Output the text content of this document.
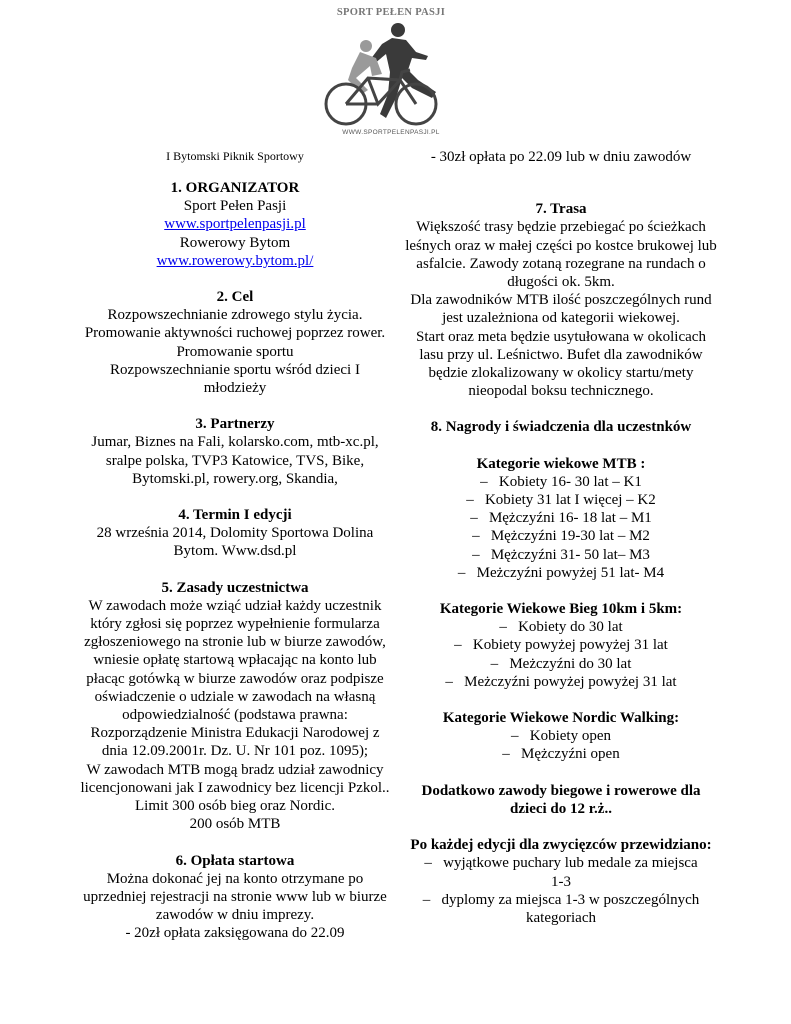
SPORT PEŁEN PASJI
WWW.SPORTPELENPASJI.PL
I Bytomski Piknik Sportowy

1. ORGANIZATOR

Sport Pełen Pasji

www.sportpelenpasji.pl

Rowerowy Bytom

www.rowerowy.bytom.pl/

2. Cel

Rozpowszechnianie zdrowego stylu życia.

Promowanie aktywności ruchowej poprzez rower.

Promowanie sportu

Rozpowszechnianie sportu wśród dzieci I

młodzieży

3. Partnerzy

Jumar, Biznes na Fali, kolarsko.com, mtb-xc.pl,

sralpe polska, TVP3 Katowice, TVS, Bike,

Bytomski.pl, rowery.org, Skandia,

4. Termin I edycji

28 września 2014, Dolomity Sportowa Dolina

Bytom. Www.dsd.pl

5. Zasady uczestnictwa

W zawodach może wziąć udział każdy uczestnik

który zgłosi się poprzez wypełnienie formularza

zgłoszeniowego na stronie lub w biurze zawodów,

wniesie opłatę startową wpłacając na konto lub

płacąc gotówką w biurze zawodów oraz podpisze

oświadczenie o udziale w zawodach na własną

odpowiedzialność (podstawa prawna:

Rozporządzenie Ministra Edukacji Narodowej z

dnia 12.09.2001r. Dz. U. Nr 101 poz. 1095);

W zawodach MTB mogą bradz udział zawodnicy

licencjonowani jak I zawodnicy bez licencji Pzkol..

Limit 300 osób bieg oraz Nordic.

200 osób MTB

6. Opłata startowa

Można dokonać jej na konto otrzymane po

uprzedniej rejestracji na stronie www lub w biurze

zawodów w dniu imprezy.

- 20zł opłata zaksięgowana do 22.09

- 30zł opłata po 22.09 lub w dniu zawodów

7. Trasa

Większość trasy będzie przebiegać po ścieżkach

leśnych oraz w małej części po kostce brukowej lub

asfalcie. Zawody zotaną rozegrane na rundach o

długości ok. 5km.

Dla zawodników MTB ilość poszczególnych rund

jest uzależniona od kategorii wiekowej.

Start oraz meta będzie usytułowana w okolicach

lasu przy ul. Leśnictwo. Bufet dla zawodników

będzie zlokalizowany w okolicy startu/mety

nieopodal boksu technicznego.

8. Nagrody i świadczenia dla uczestnków

Kategorie wiekowe MTB :

– Kobiety 16- 30 lat – K1

– Kobiety 31 lat I więcej – K2

– Mężczyźni 16- 18 lat – M1

– Mężczyźni 19-30 lat – M2

– Mężczyźni 31- 50 lat– M3

– Meżczyźni powyżej 51 lat- M4

Kategorie Wiekowe Bieg 10km i 5km:

– Kobiety do 30 lat

– Kobiety powyżej powyżej 31 lat

– Meżczyźni do 30 lat

– Meżczyźni powyżej powyżej 31 lat

Kategorie Wiekowe Nordic Walking:

– Kobiety open

– Mężczyźni open

Dodatkowo zawody biegowe i rowerowe dla

dzieci do 12 r.ż..

Po każdej edycji dla zwycięzców przewidziano:

– wyjątkowe puchary lub medale za miejsca

1-3

– dyplomy za miejsca 1-3 w poszczególnych

kategoriach
